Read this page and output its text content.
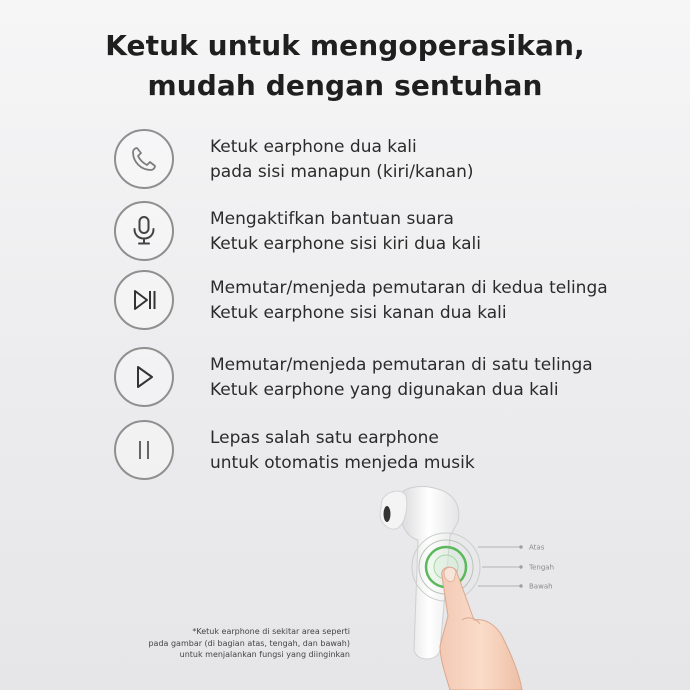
Ketuk untuk mengoperasikan,
mudah dengan sentuhan
Ketuk earphone dua kali
pada sisi manapun (kiri/kanan)
Mengaktifkan bantuan suara
Ketuk earphone sisi kiri dua kali
Memutar/menjeda pemutaran di kedua telinga
Ketuk earphone sisi kanan dua kali
Memutar/menjeda pemutaran di satu telinga
Ketuk earphone yang digunakan dua kali
Lepas salah satu earphone
untuk otomatis menjeda musik
Atas
Tengah
Bawah
*Ketuk earphone di sekitar area seperti
pada gambar (di bagian atas, tengah, dan bawah)
untuk menjalankan fungsi yang diinginkan
